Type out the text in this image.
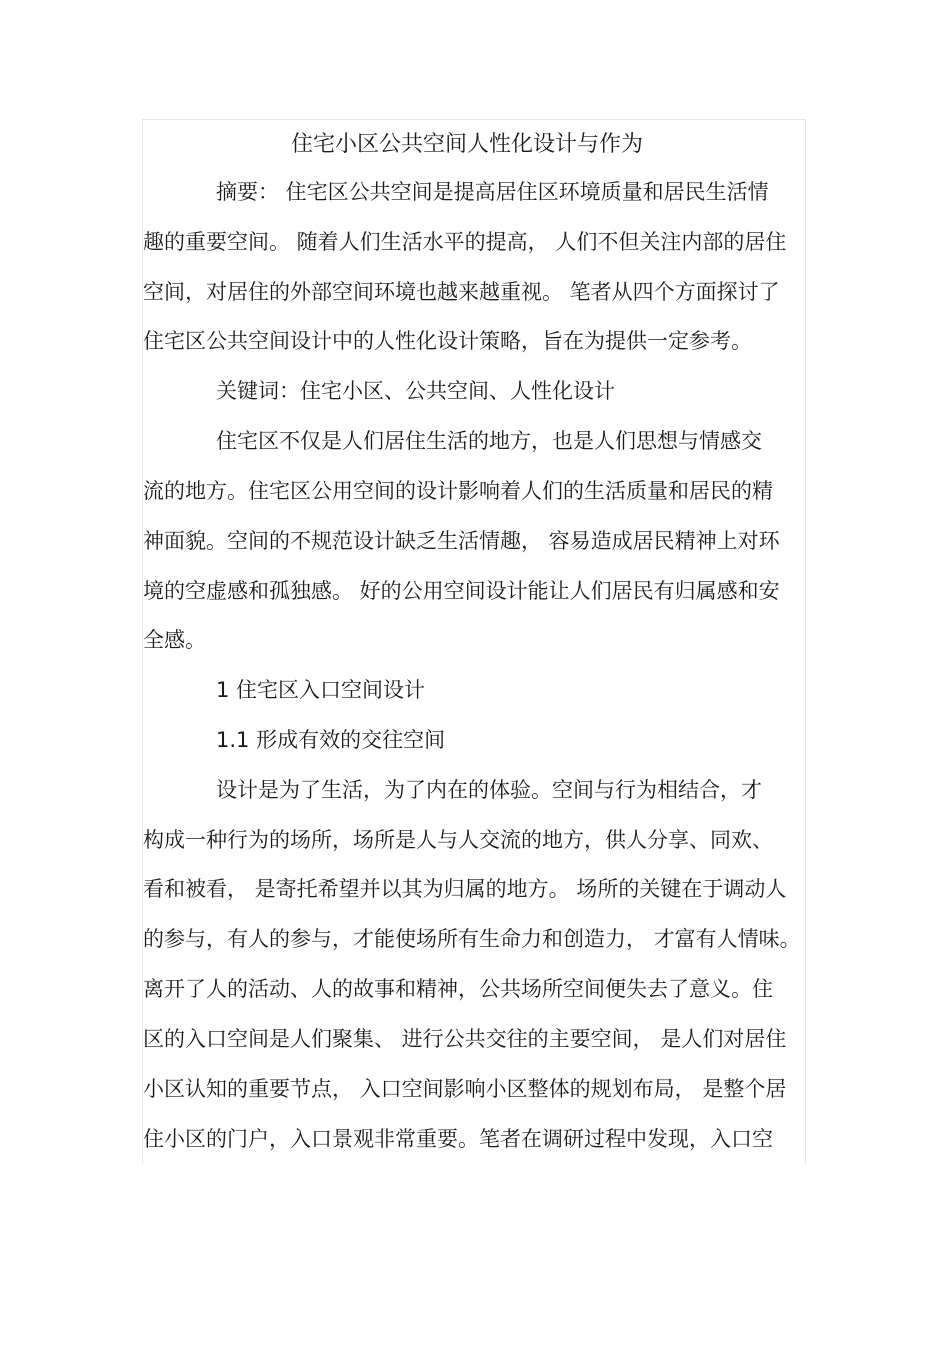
住宅小区公共空间人性化设计与作为
摘要： 住宅区公共空间是提高居住区环境质量和居民生活情
趣的重要空间。 随着人们生活水平的提高， 人们不但关注内部的居住
空间，对居住的外部空间环境也越来越重视。 笔者从四个方面探讨了
住宅区公共空间设计中的人性化设计策略，旨在为提供一定参考。
关键词：住宅小区、公共空间、人性化设计
住宅区不仅是人们居住生活的地方，也是人们思想与情感交
流的地方。住宅区公用空间的设计影响着人们的生活质量和居民的精
神面貌。空间的不规范设计缺乏生活情趣， 容易造成居民精神上对环
境的空虚感和孤独感。 好的公用空间设计能让人们居民有归属感和安
全感。
1 住宅区入口空间设计
1.1 形成有效的交往空间
设计是为了生活，为了内在的体验。空间与行为相结合，才
构成一种行为的场所，场所是人与人交流的地方，供人分享、同欢、
看和被看， 是寄托希望并以其为归属的地方。 场所的关键在于调动人
的参与，有人的参与，才能使场所有生命力和创造力， 才富有人情味。
离开了人的活动、人的故事和精神，公共场所空间便失去了意义。住
区的入口空间是人们聚集、 进行公共交往的主要空间， 是人们对居住
小区认知的重要节点， 入口空间影响小区整体的规划布局， 是整个居
住小区的门户，入口景观非常重要。笔者在调研过程中发现，入口空
